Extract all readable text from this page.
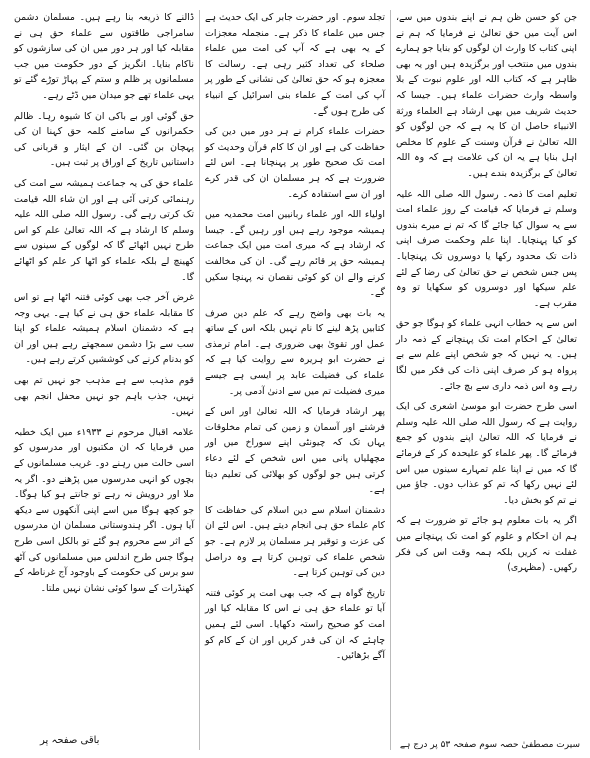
جن کو حسن ظن ہم نے اپنے بندوں میں سے، اس آیت میں حق تعالیٰ نے فرمایا کہ ہم نے اپنی کتاب کا وارث ان لوگوں کو بنایا جو ہمارے بندوں میں منتخب اور برگزیدہ ہیں اور یہ بھی ظاہر ہے کہ کتاب اللہ اور علوم نبوت کے بلا واسطہ وارث حضرات علماء ہیں۔ جیسا کہ حدیث شریف میں بھی ارشاد ہے العلماء ورثة الانبیاء حاصل ان کا یہ ہے کہ جن لوگوں کو اللہ تعالیٰ نے قرآن وسنت کے علوم کا مخلص اہل بنایا ہے یہ ان کی علامت ہے کہ وہ اللہ تعالیٰ کے برگزیدہ بندے ہیں۔

تعلیم امت کا ذمہ۔ رسول اللہ صلی اللہ علیہ وسلم نے فرمایا کہ قیامت کے روز علماء امت سے یہ سوال کیا جائے گا کہ تم نے میرے بندوں کو کیا پہنچایا۔ اپنا علم وحکمت صرف اپنی ذات تک محدود رکھا یا دوسروں تک پہنچایا۔ پس جس شخص نے حق تعالیٰ کی رضا کے لئے علم سیکھا اور دوسروں کو سکھایا تو وہ مقرب ہے۔

اس سے یہ خطاب انہی علماء کو ہوگا جو حق تعالیٰ کے احکام امت تک پہنچانے کے ذمہ دار ہیں۔ یہ نہیں کہ جو شخص اپنے علم سے بے پرواہ ہو کر صرف اپنی ذات کی فکر میں لگا رہے وہ اس ذمہ داری سے بچ جائے۔

اسی طرح حضرت ابو موسیٰ اشعری کی ایک روایت ہے کہ رسول اللہ صلی اللہ علیہ وسلم نے فرمایا کہ اللہ تعالیٰ اپنے بندوں کو جمع فرمائے گا۔ پھر علماء کو علیحدہ کر کے فرمائے گا کہ میں نے اپنا علم تمہارے سینوں میں اس لئے نہیں رکھا کہ تم کو عذاب دوں۔ جاؤ میں نے تم کو بخش دیا۔

اگر یہ بات معلوم ہو جائے تو ضرورت ہے کہ ہم ان احکام و علوم کو امت تک پہنچانے میں غفلت نہ کریں بلکہ ہمہ وقت اس کی فکر رکھیں۔ (مظہری)

تجلد سوم۔ اور حضرت جابر کی ایک حدیث ہے جس میں علماء کا ذکر ہے۔ منجملہ معجزات کے یہ بھی ہے کہ آپ کی امت میں علماء صلحاء کی تعداد کثیر رہی ہے۔ رسالت کا معجزہ ہو کہ حق تعالیٰ کی نشانی کے طور پر آپ کی امت کے علماء بنی اسرائیل کے انبیاء کی طرح ہوں گے۔

حضرات علماء کرام نے ہر دور میں دین کی حفاظت کی ہے اور ان کا کام قرآن وحدیث کو امت تک صحیح طور پر پہنچانا ہے۔ اس لئے ضرورت ہے کہ ہر مسلمان ان کی قدر کرے اور ان سے استفادہ کرے۔

اولیاء اللہ اور علماء ربانیین امت محمدیہ میں ہمیشہ موجود رہے ہیں اور رہیں گے۔ جیسا کہ ارشاد ہے کہ میری امت میں ایک جماعت ہمیشہ حق پر قائم رہے گی۔ ان کی مخالفت کرنے والے ان کو کوئی نقصان نہ پہنچا سکیں گے۔

یہ بات بھی واضح رہے کہ علم دین صرف کتابیں پڑھ لینے کا نام نہیں بلکہ اس کے ساتھ عمل اور تقویٰ بھی ضروری ہے۔ امام ترمذی نے حضرت ابو ہریرہ سے روایت کیا ہے کہ علماء کی فضیلت عابد پر ایسی ہے جیسے میری فضیلت تم میں سے ادنیٰ آدمی پر۔

پھر ارشاد فرمایا کہ اللہ تعالیٰ اور اس کے فرشتے اور آسمان و زمین کی تمام مخلوقات یہاں تک کہ چیونٹی اپنے سوراخ میں اور مچھلیاں پانی میں اس شخص کے لئے دعاء کرتی ہیں جو لوگوں کو بھلائی کی تعلیم دیتا ہے۔

دشمنان اسلام سے دین اسلام کی حفاظت کا کام علماء حق ہی انجام دیتے ہیں۔ اس لئے ان کی عزت و توقیر ہر مسلمان پر لازم ہے۔ جو شخص علماء کی توہین کرتا ہے وہ دراصل دین کی توہین کرتا ہے۔

تاریخ گواہ ہے کہ جب بھی امت پر کوئی فتنہ آیا تو علماء حق ہی نے اس کا مقابلہ کیا اور امت کو صحیح راستہ دکھایا۔ اسی لئے ہمیں چاہئے کہ ان کی قدر کریں اور ان کے کام کو آگے بڑھائیں۔

ڈالنے کا ذریعہ بنا رہے ہیں۔ مسلمان دشمن سامراجی طاقتوں سے علماء حق ہی نے مقابلہ کیا اور ہر دور میں ان کی سازشوں کو ناکام بنایا۔ انگریز کے دور حکومت میں جب مسلمانوں پر ظلم و ستم کے پہاڑ توڑے گئے تو یہی علماء تھے جو میدان میں ڈٹے رہے۔

حق گوئی اور بے باکی ان کا شیوہ رہا۔ ظالم حکمرانوں کے سامنے کلمہ حق کہنا ان کی پہچان بن گئی۔ ان کے ایثار و قربانی کی داستانیں تاریخ کے اوراق پر ثبت ہیں۔

علماء حق کی یہ جماعت ہمیشہ سے امت کی رہنمائی کرتی آئی ہے اور ان شاء اللہ قیامت تک کرتی رہے گی۔ رسول اللہ صلی اللہ علیہ وسلم کا ارشاد ہے کہ اللہ تعالیٰ علم کو اس طرح نہیں اٹھائے گا کہ لوگوں کے سینوں سے کھینچ لے بلکہ علماء کو اٹھا کر علم کو اٹھائے گا۔

غرض آخر جب بھی کوئی فتنہ اٹھا ہے تو اس کا مقابلہ علماء حق ہی نے کیا ہے۔ یہی وجہ ہے کہ دشمنان اسلام ہمیشہ علماء کو اپنا سب سے بڑا دشمن سمجھتے رہے ہیں اور ان کو بدنام کرنے کی کوششیں کرتے رہے ہیں۔

قوم مذہب سے ہے مذہب جو نہیں تم بھی نہیں، جذب باہم جو نہیں محفل انجم بھی نہیں۔

علامہ اقبال مرحوم نے ۱۹۳۳ء میں ایک خطبہ میں فرمایا کہ ان مکتبوں اور مدرسوں کو اسی حالت میں رہنے دو۔ غریب مسلمانوں کے بچوں کو انہی مدرسوں میں پڑھنے دو۔ اگر یہ ملا اور درویش نہ رہے تو جانتے ہو کیا ہوگا۔ جو کچھ ہوگا میں اسے اپنی آنکھوں سے دیکھ آیا ہوں۔ اگر ہندوستانی مسلمان ان مدرسوں کے اثر سے محروم ہو گئے تو بالکل اسی طرح ہوگا جس طرح اندلس میں مسلمانوں کی آٹھ سو برس کی حکومت کے باوجود آج غرناطہ کے کھنڈرات کے سوا کوئی نشان نہیں ملتا۔

سیرت مصطفیٰ حصہ سوم صفحہ ۵۳ پر درج ہے
باقی صفحہ پر
